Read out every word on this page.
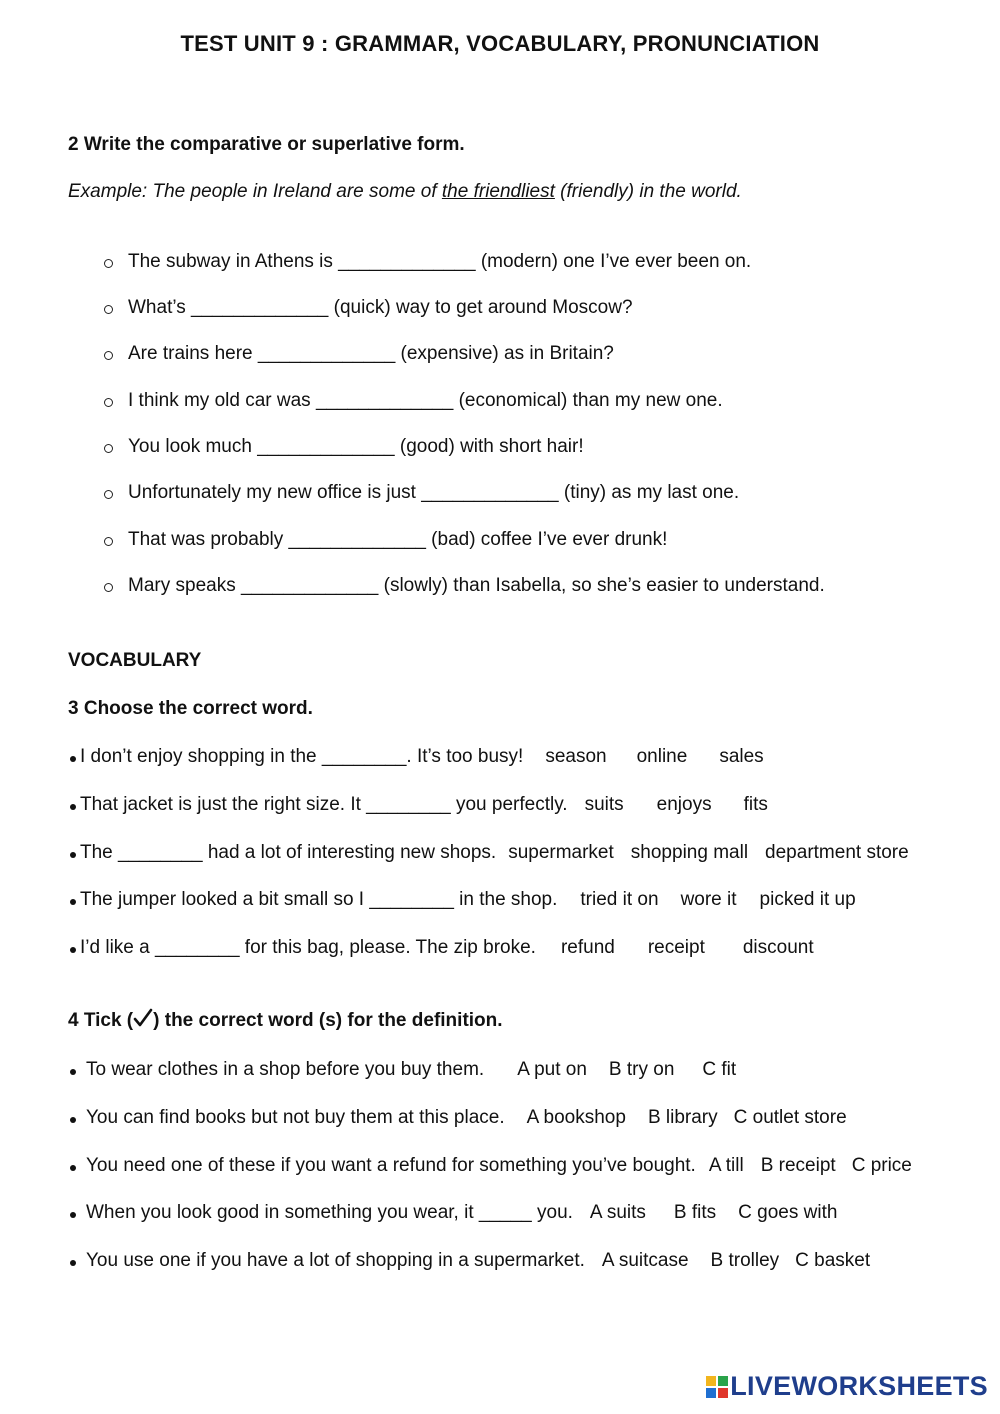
TEST UNIT 9 : GRAMMAR, VOCABULARY, PRONUNCIATION
2 Write the comparative or superlative form.
Example: The people in Ireland are some of the friendliest (friendly) in the world.
The subway in Athens is _____________ (modern) one I’ve ever been on.
What’s _____________ (quick) way to get around Moscow?
Are trains here _____________ (expensive) as in Britain?
I think my old car was _____________ (economical) than my new one.
You look much _____________ (good) with short hair!
Unfortunately my new office is just _____________ (tiny) as my last one.
That was probably _____________ (bad) coffee I’ve ever drunk!
Mary speaks _____________ (slowly) than Isabella, so she’s easier to understand.
VOCABULARY
3 Choose the correct word.
I don’t enjoy shopping in the ________. It’s too busy! season online sales
That jacket is just the right size. It ________ you perfectly. suits enjoys fits
The ________ had a lot of interesting new shops. supermarket shopping mall department store
The jumper looked a bit small so I ________ in the shop. tried it on wore it picked it up
I’d like a ________ for this bag, please. The zip broke. refund receipt discount
4 Tick ( ) the correct word (s) for the definition.
To wear clothes in a shop before you buy them. A put on B try on C fit
You can find books but not buy them at this place. A bookshop B library C outlet store
You need one of these if you want a refund for something you’ve bought. A till B receipt C price
When you look good in something you wear, it _____ you. A suits B fits C goes with
You use one if you have a lot of shopping in a supermarket. A suitcase B trolley C basket
LIVEWORKSHEETS
